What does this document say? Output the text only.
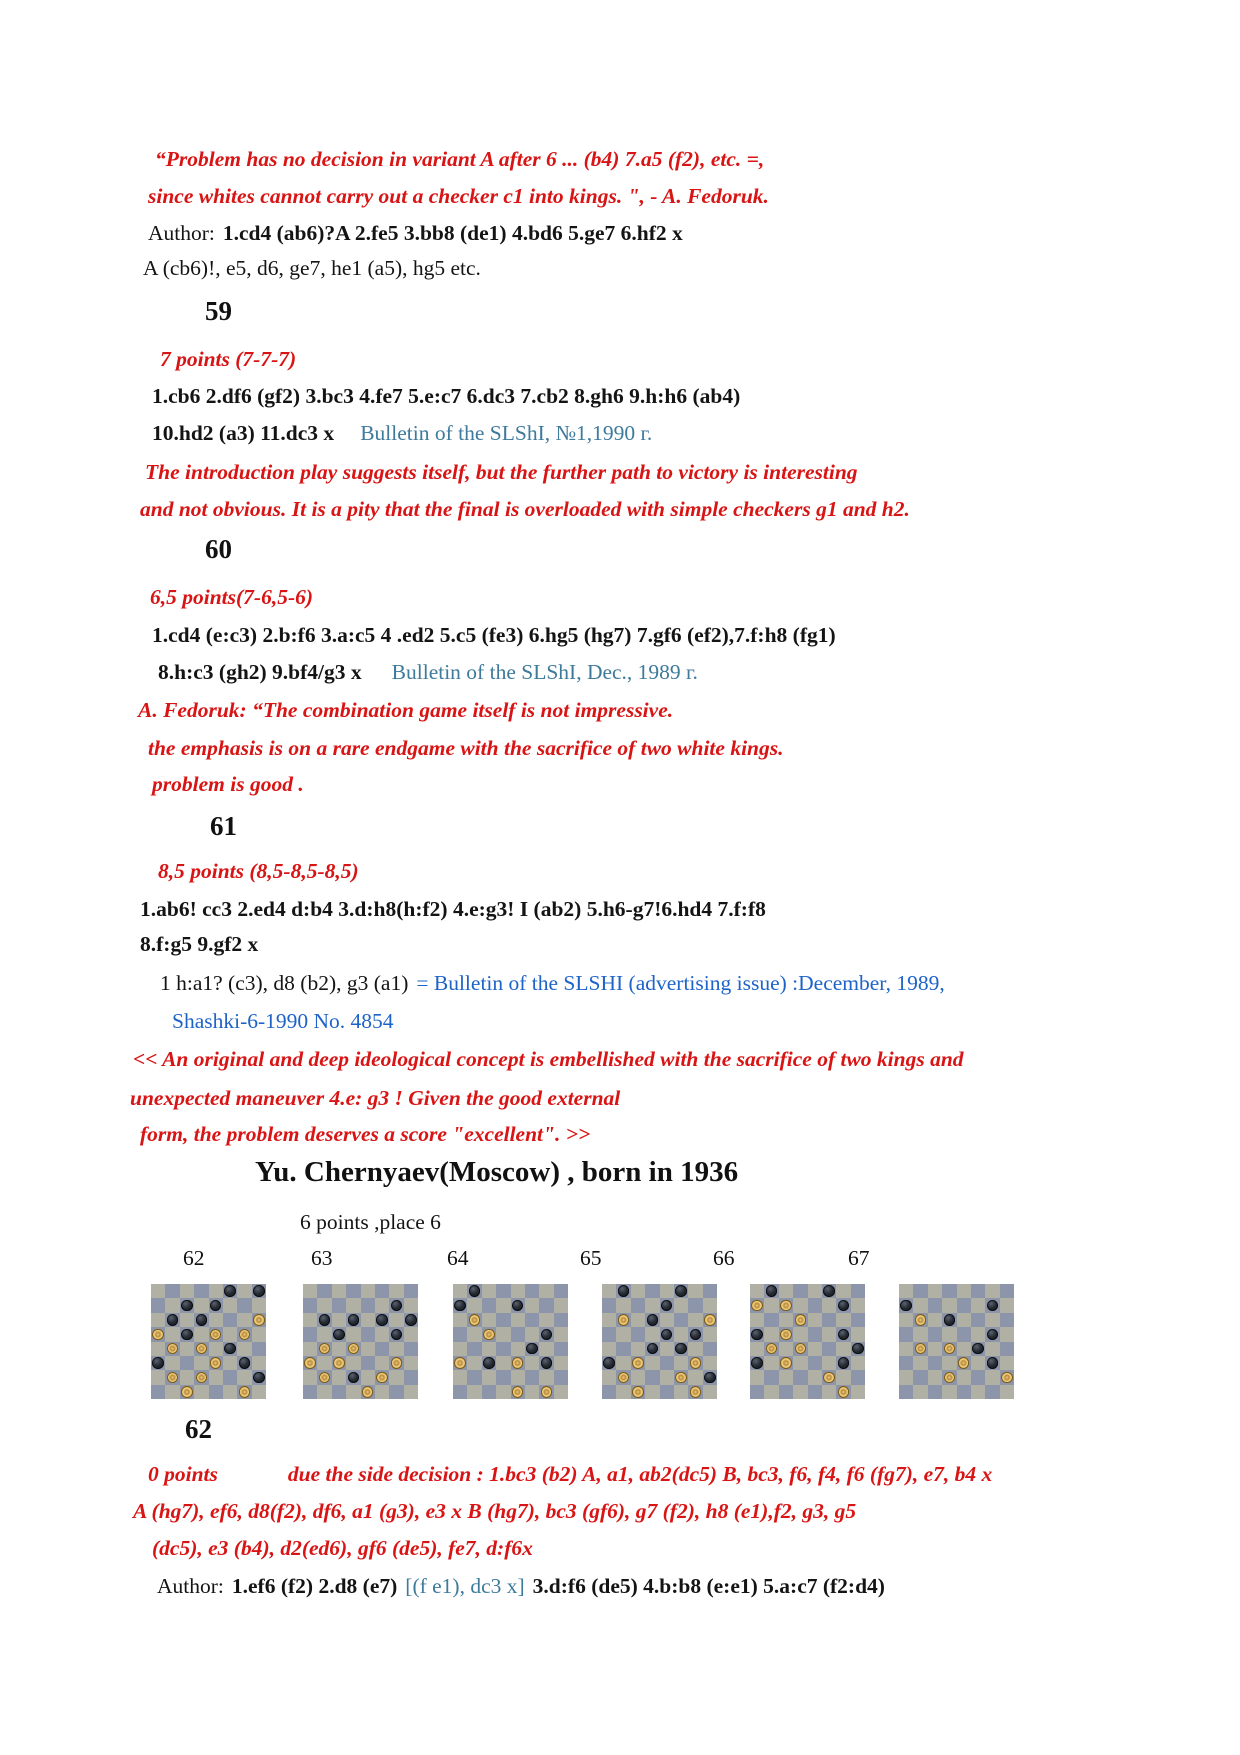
“Problem has no decision in variant A after 6 ... (b4) 7.a5 (f2), etc. =,
since whites cannot carry out a checker c1 into kings. ", - A. Fedoruk.
Author: 1.cd4 (ab6)?A 2.fe5 3.bb8 (de1) 4.bd6 5.ge7 6.hf2 x
A (cb6)!, e5, d6, ge7, he1 (a5), hg5 etc.
59
7 points (7-7-7)
1.cb6 2.df6 (gf2) 3.bc3 4.fe7 5.e:c7 6.dc3 7.cb2 8.gh6 9.h:h6 (ab4)
10.hd2 (a3) 11.dc3 x Bulletin of the SLShI, №1,1990 г.
The introduction play suggests itself, but the further path to victory is interesting
and not obvious. It is a pity that the final is overloaded with simple checkers g1 and h2.
60
6,5 points(7-6,5-6)
1.cd4 (e:c3) 2.b:f6 3.a:c5 4 .ed2 5.c5 (fe3) 6.hg5 (hg7) 7.gf6 (ef2),7.f:h8 (fg1)
8.h:c3 (gh2) 9.bf4/g3 x Bulletin of the SLShI, Dec., 1989 г.
A. Fedoruk: “The combination game itself is not impressive.
the emphasis is on a rare endgame with the sacrifice of two white kings.
problem is good .
61
8,5 points (8,5-8,5-8,5)
1.ab6! cc3 2.ed4 d:b4 3.d:h8(h:f2) 4.e:g3! I (ab2) 5.h6-g7!6.hd4 7.f:f8
8.f:g5 9.gf2 x
1 h:a1? (c3), d8 (b2), g3 (a1) = Bulletin of the SLSHI (advertising issue) :December, 1989,
Shashki-6-1990 No. 4854
<< An original and deep ideological concept is embellished with the sacrifice of two kings and
unexpected maneuver 4.e: g3 ! Given the good external
form, the problem deserves a score "excellent". >>
Yu. Chernyaev(Moscow) , born in 1936
6 points ,place 6
62	63	64	65	66	67
62
0 points	due the side decision : 1.bc3 (b2) A, a1, ab2(dc5) B, bc3, f6, f4, f6 (fg7), e7, b4 x
A (hg7), ef6, d8(f2), df6, a1 (g3), e3 x B (hg7), bc3 (gf6), g7 (f2), h8 (e1),f2, g3, g5
(dc5), e3 (b4), d2(ed6), gf6 (de5), fe7, d:f6x
Author: 1.ef6 (f2) 2.d8 (e7) [(f e1), dc3 x] 3.d:f6 (de5) 4.b:b8 (e:e1) 5.a:c7 (f2:d4)
